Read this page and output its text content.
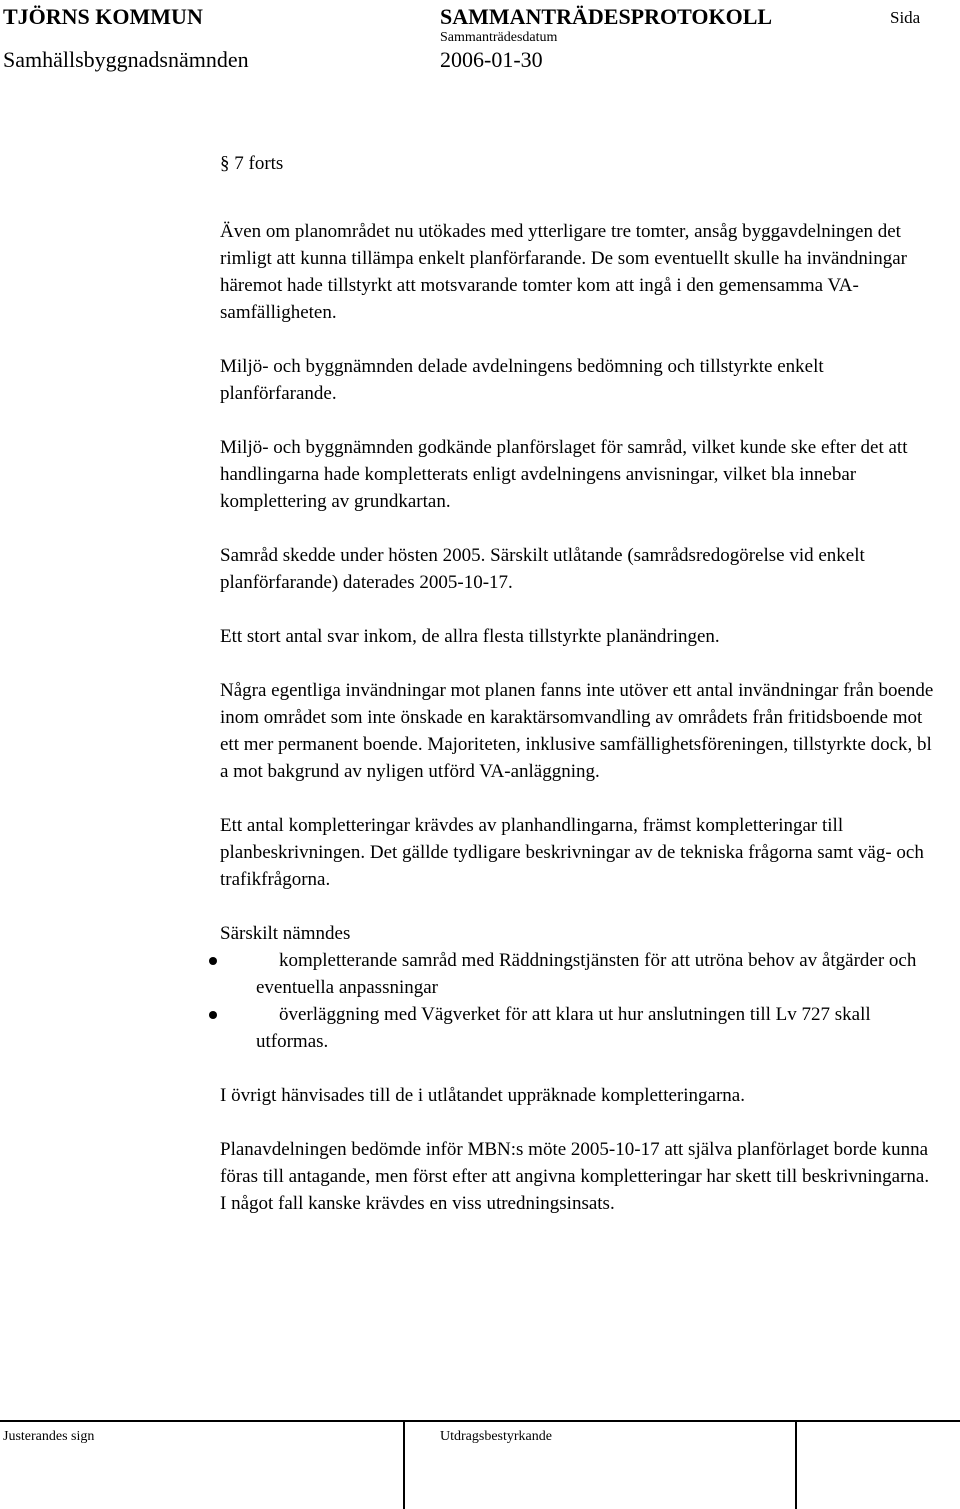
TJÖRNS KOMMUN	SAMMANTRÄDESPROTOKOLL	Sida
Sammanträdesdatum
Samhällsbyggnadsnämnden	2006-01-30
§ 7 forts

Även om planområdet nu utökades med ytterligare tre tomter, ansåg byggavdelningen det rimligt att kunna tillämpa enkelt planförfarande. De som eventuellt skulle ha invändningar häremot hade tillstyrkt att motsvarande tomter kom att ingå i den gemensamma VA-samfälligheten.

Miljö- och byggnämnden delade avdelningens bedömning och tillstyrkte enkelt planförfarande.

Miljö- och byggnämnden godkände planförslaget för samråd, vilket kunde ske efter det att handlingarna hade kompletterats enligt avdelningens anvisningar, vilket bla innebar komplettering av grundkartan.

Samråd skedde under hösten 2005. Särskilt utlåtande (samrådsredogörelse vid enkelt planförfarande) daterades 2005-10-17.

Ett stort antal svar inkom, de allra flesta tillstyrkte planändringen.

Några egentliga invändningar mot planen fanns inte utöver ett antal invändningar från boende inom området som inte önskade en karaktärsomvandling av områdets från fritidsboende mot ett mer permanent boende. Majoriteten, inklusive samfällighetsföreningen, tillstyrkte dock, bl a mot bakgrund av nyligen utförd VA-anläggning.

Ett antal kompletteringar krävdes av planhandlingarna, främst kompletteringar till planbeskrivningen. Det gällde tydligare beskrivningar av de tekniska frågorna samt väg- och trafikfrågorna.

Särskilt nämndes

kompletterande samråd med Räddningstjänsten för att utröna behov av åtgärder och eventuella anpassningar
överläggning med Vägverket för att klara ut hur anslutningen till Lv 727 skall utformas.

I övrigt hänvisades till de i utlåtandet uppräknade kompletteringarna.

Planavdelningen bedömde inför MBN:s möte 2005-10-17 att själva planförlaget borde kunna föras till antagande, men först efter att angivna kompletteringar har skett till beskrivningarna. I något fall kanske krävdes en viss utredningsinsats.

Justerandes sign	Utdragsbestyrkande
